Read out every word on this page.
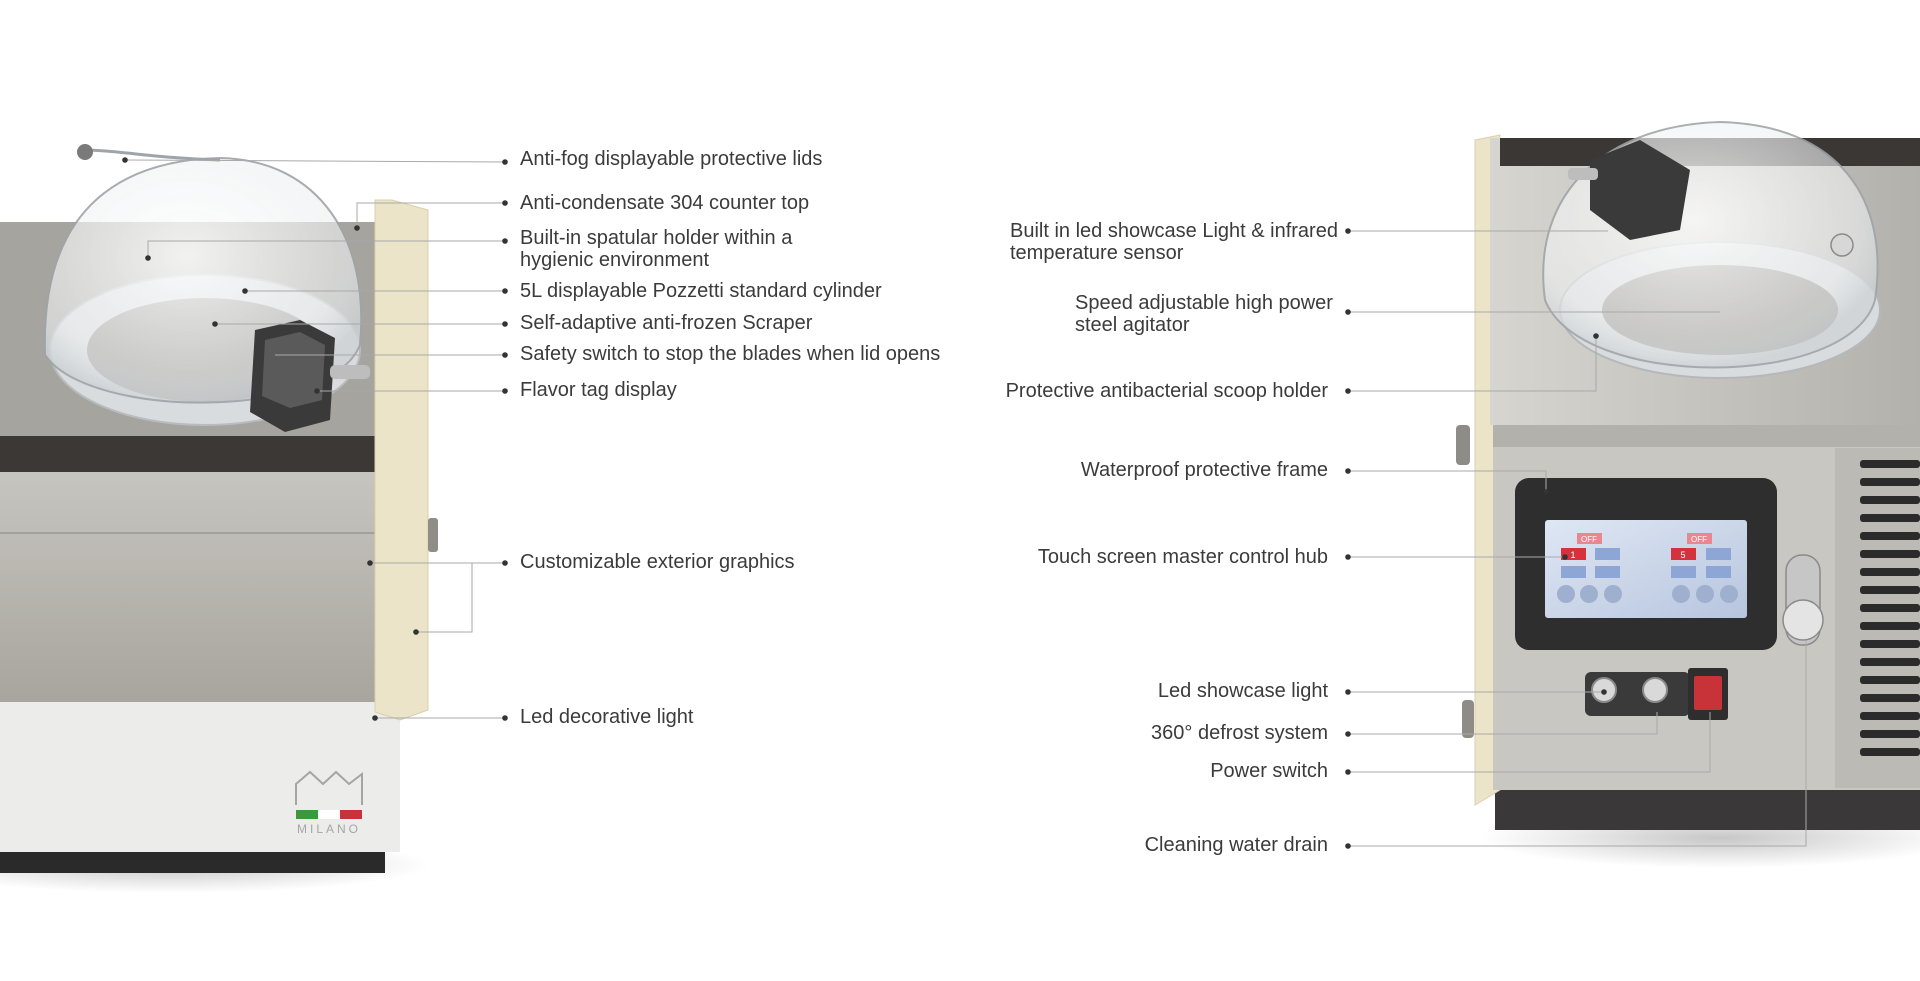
MILANO
OFF	OFF
1	5
Anti-fog displayable protective lids
Anti-condensate 304 counter top
Built-in spatular holder within a
hygienic environment
5L displayable Pozzetti standard cylinder
Self-adaptive anti-frozen Scraper
Safety switch to stop the blades when lid opens
Flavor tag display
Customizable exterior graphics
Led decorative light
Built in led showcase Light & infrared
temperature sensor
Speed adjustable high power
steel agitator
Protective antibacterial scoop holder
Waterproof protective frame
Touch screen master control hub
Led showcase light
360° defrost system
Power switch
Cleaning water drain
